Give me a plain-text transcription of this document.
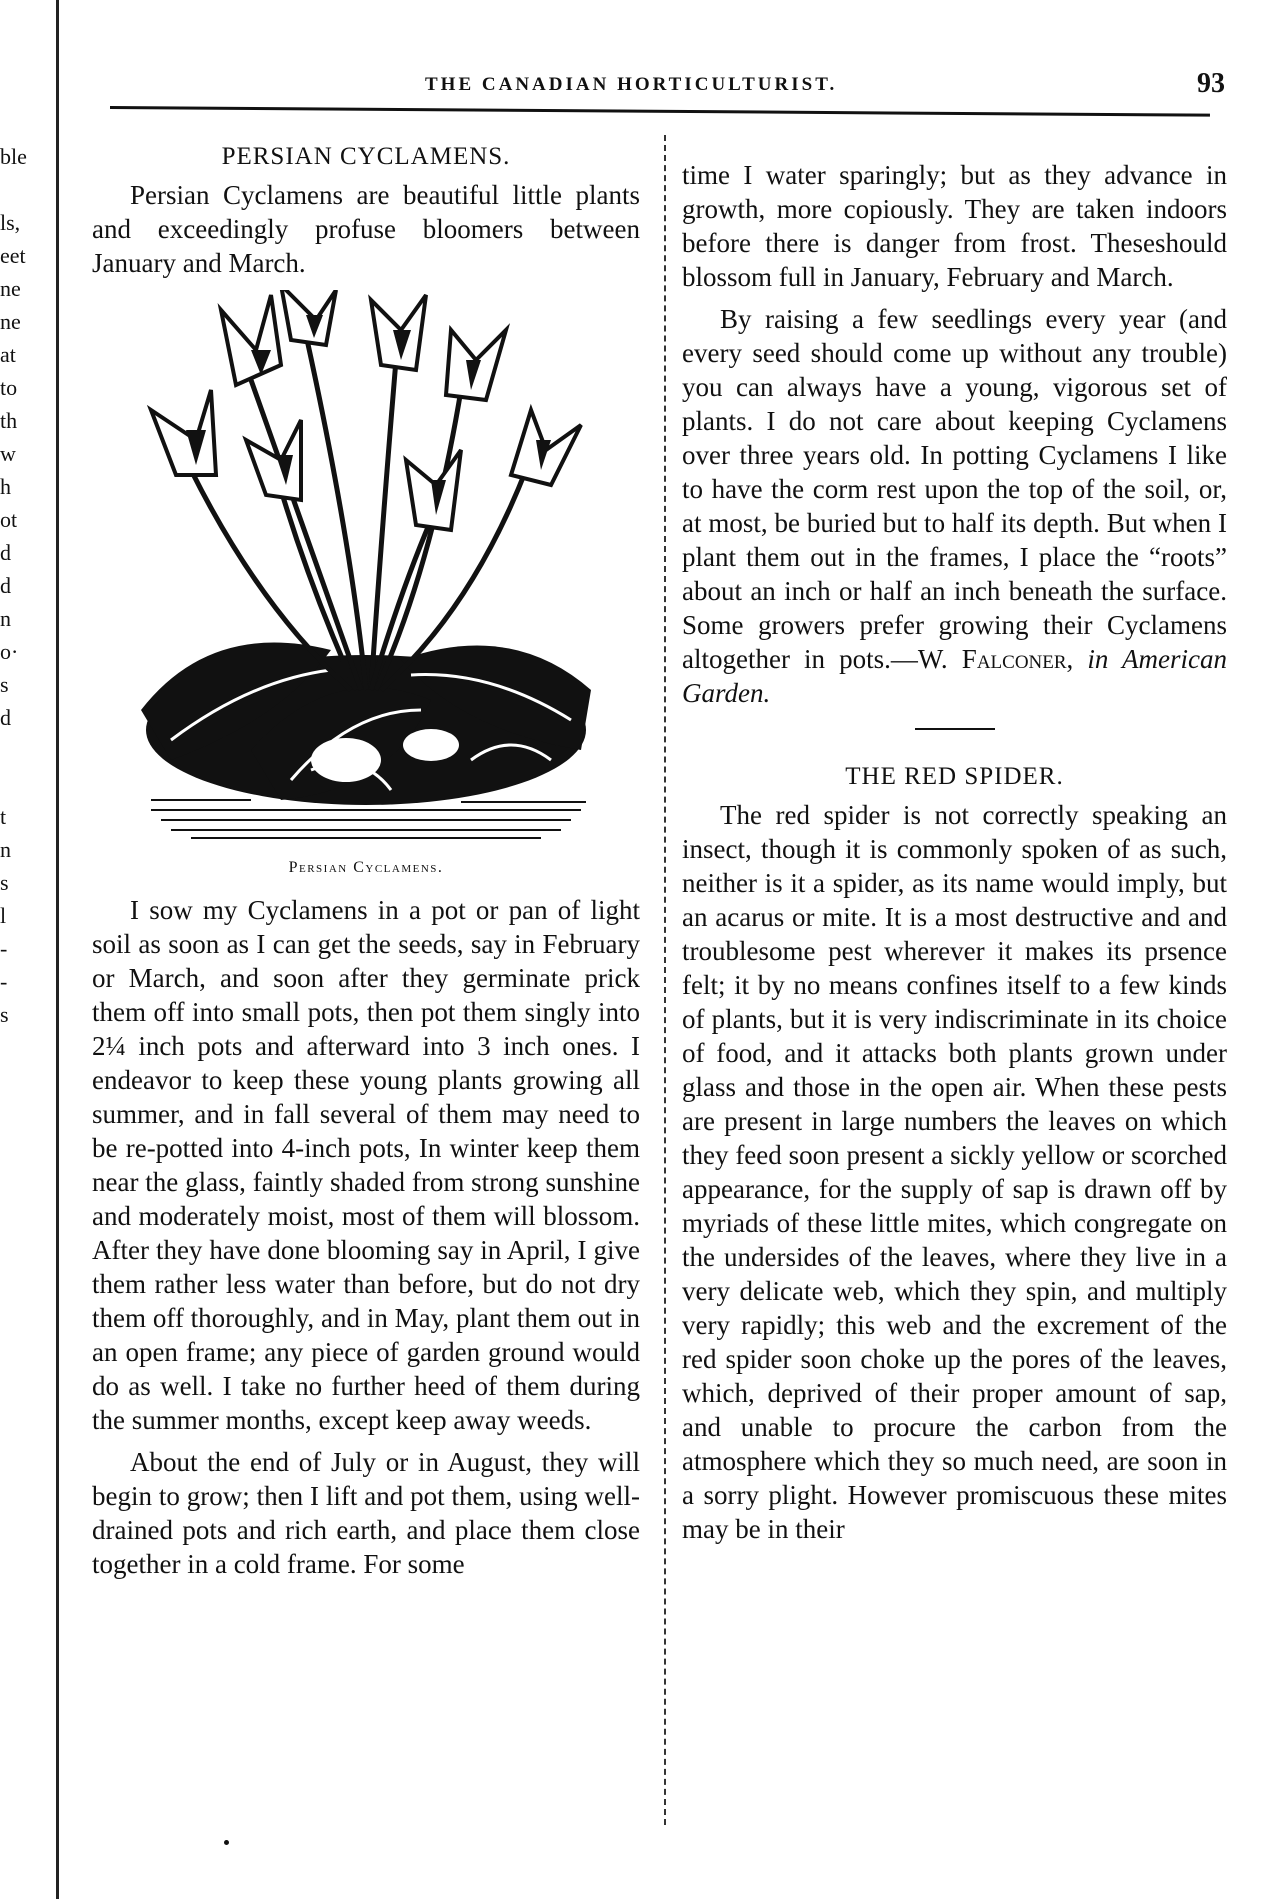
ble
ls,
eet
ne
ne
at
to
th
w
h
ot
d
d
n
o·
s
d
t
n
s
l
-
-
s
THE CANADIAN HORTICULTURIST.	93
PERSIAN CYCLAMENS.

Persian Cyclamens are beautiful little plants and exceedingly profuse bloomers between January and March.

Persian Cyclamens.

I sow my Cyclamens in a pot or pan of light soil as soon as I can get the seeds, say in February or March, and soon after they germinate prick them off into small pots, then pot them singly into 2¼ inch pots and afterward into 3 inch ones. I endeavor to keep these young plants growing all summer, and in fall several of them may need to be re-potted into 4-inch pots, In winter keep them near the glass, faintly shaded from strong sunshine and moderately moist, most of them will blossom. After they have done blooming say in April, I give them rather less water than before, but do not dry them off thoroughly, and in May, plant them out in an open frame; any piece of garden ground would do as well. I take no further heed of them during the summer months, except keep away weeds.

About the end of July or in August, they will begin to grow; then I lift and pot them, using well-drained pots and rich earth, and place them close together in a cold frame. For some

time I water sparingly; but as they advance in growth, more copiously. They are taken indoors before there is danger from frost. Theseshould blossom full in January, February and March.

By raising a few seedlings every year (and every seed should come up without any trouble) you can always have a young, vigorous set of plants. I do not care about keeping Cyclamens over three years old. In potting Cyclamens I like to have the corm rest upon the top of the soil, or, at most, be buried but to half its depth. But when I plant them out in the frames, I place the “roots” about an inch or half an inch beneath the surface. Some growers prefer growing their Cyclamens altogether in pots.—W. Falconer, in American Garden.

THE RED SPIDER.

The red spider is not correctly speaking an insect, though it is commonly spoken of as such, neither is it a spider, as its name would imply, but an acarus or mite. It is a most destructive and and troublesome pest wherever it makes its prsence felt; it by no means confines itself to a few kinds of plants, but it is very indiscriminate in its choice of food, and it attacks both plants grown under glass and those in the open air. When these pests are present in large numbers the leaves on which they feed soon present a sickly yellow or scorched appearance, for the supply of sap is drawn off by myriads of these little mites, which congregate on the undersides of the leaves, where they live in a very delicate web, which they spin, and multiply very rapidly; this web and the excrement of the red spider soon choke up the pores of the leaves, which, deprived of their proper amount of sap, and unable to procure the carbon from the atmosphere which they so much need, are soon in a sorry plight. However promiscuous these mites may be in their
